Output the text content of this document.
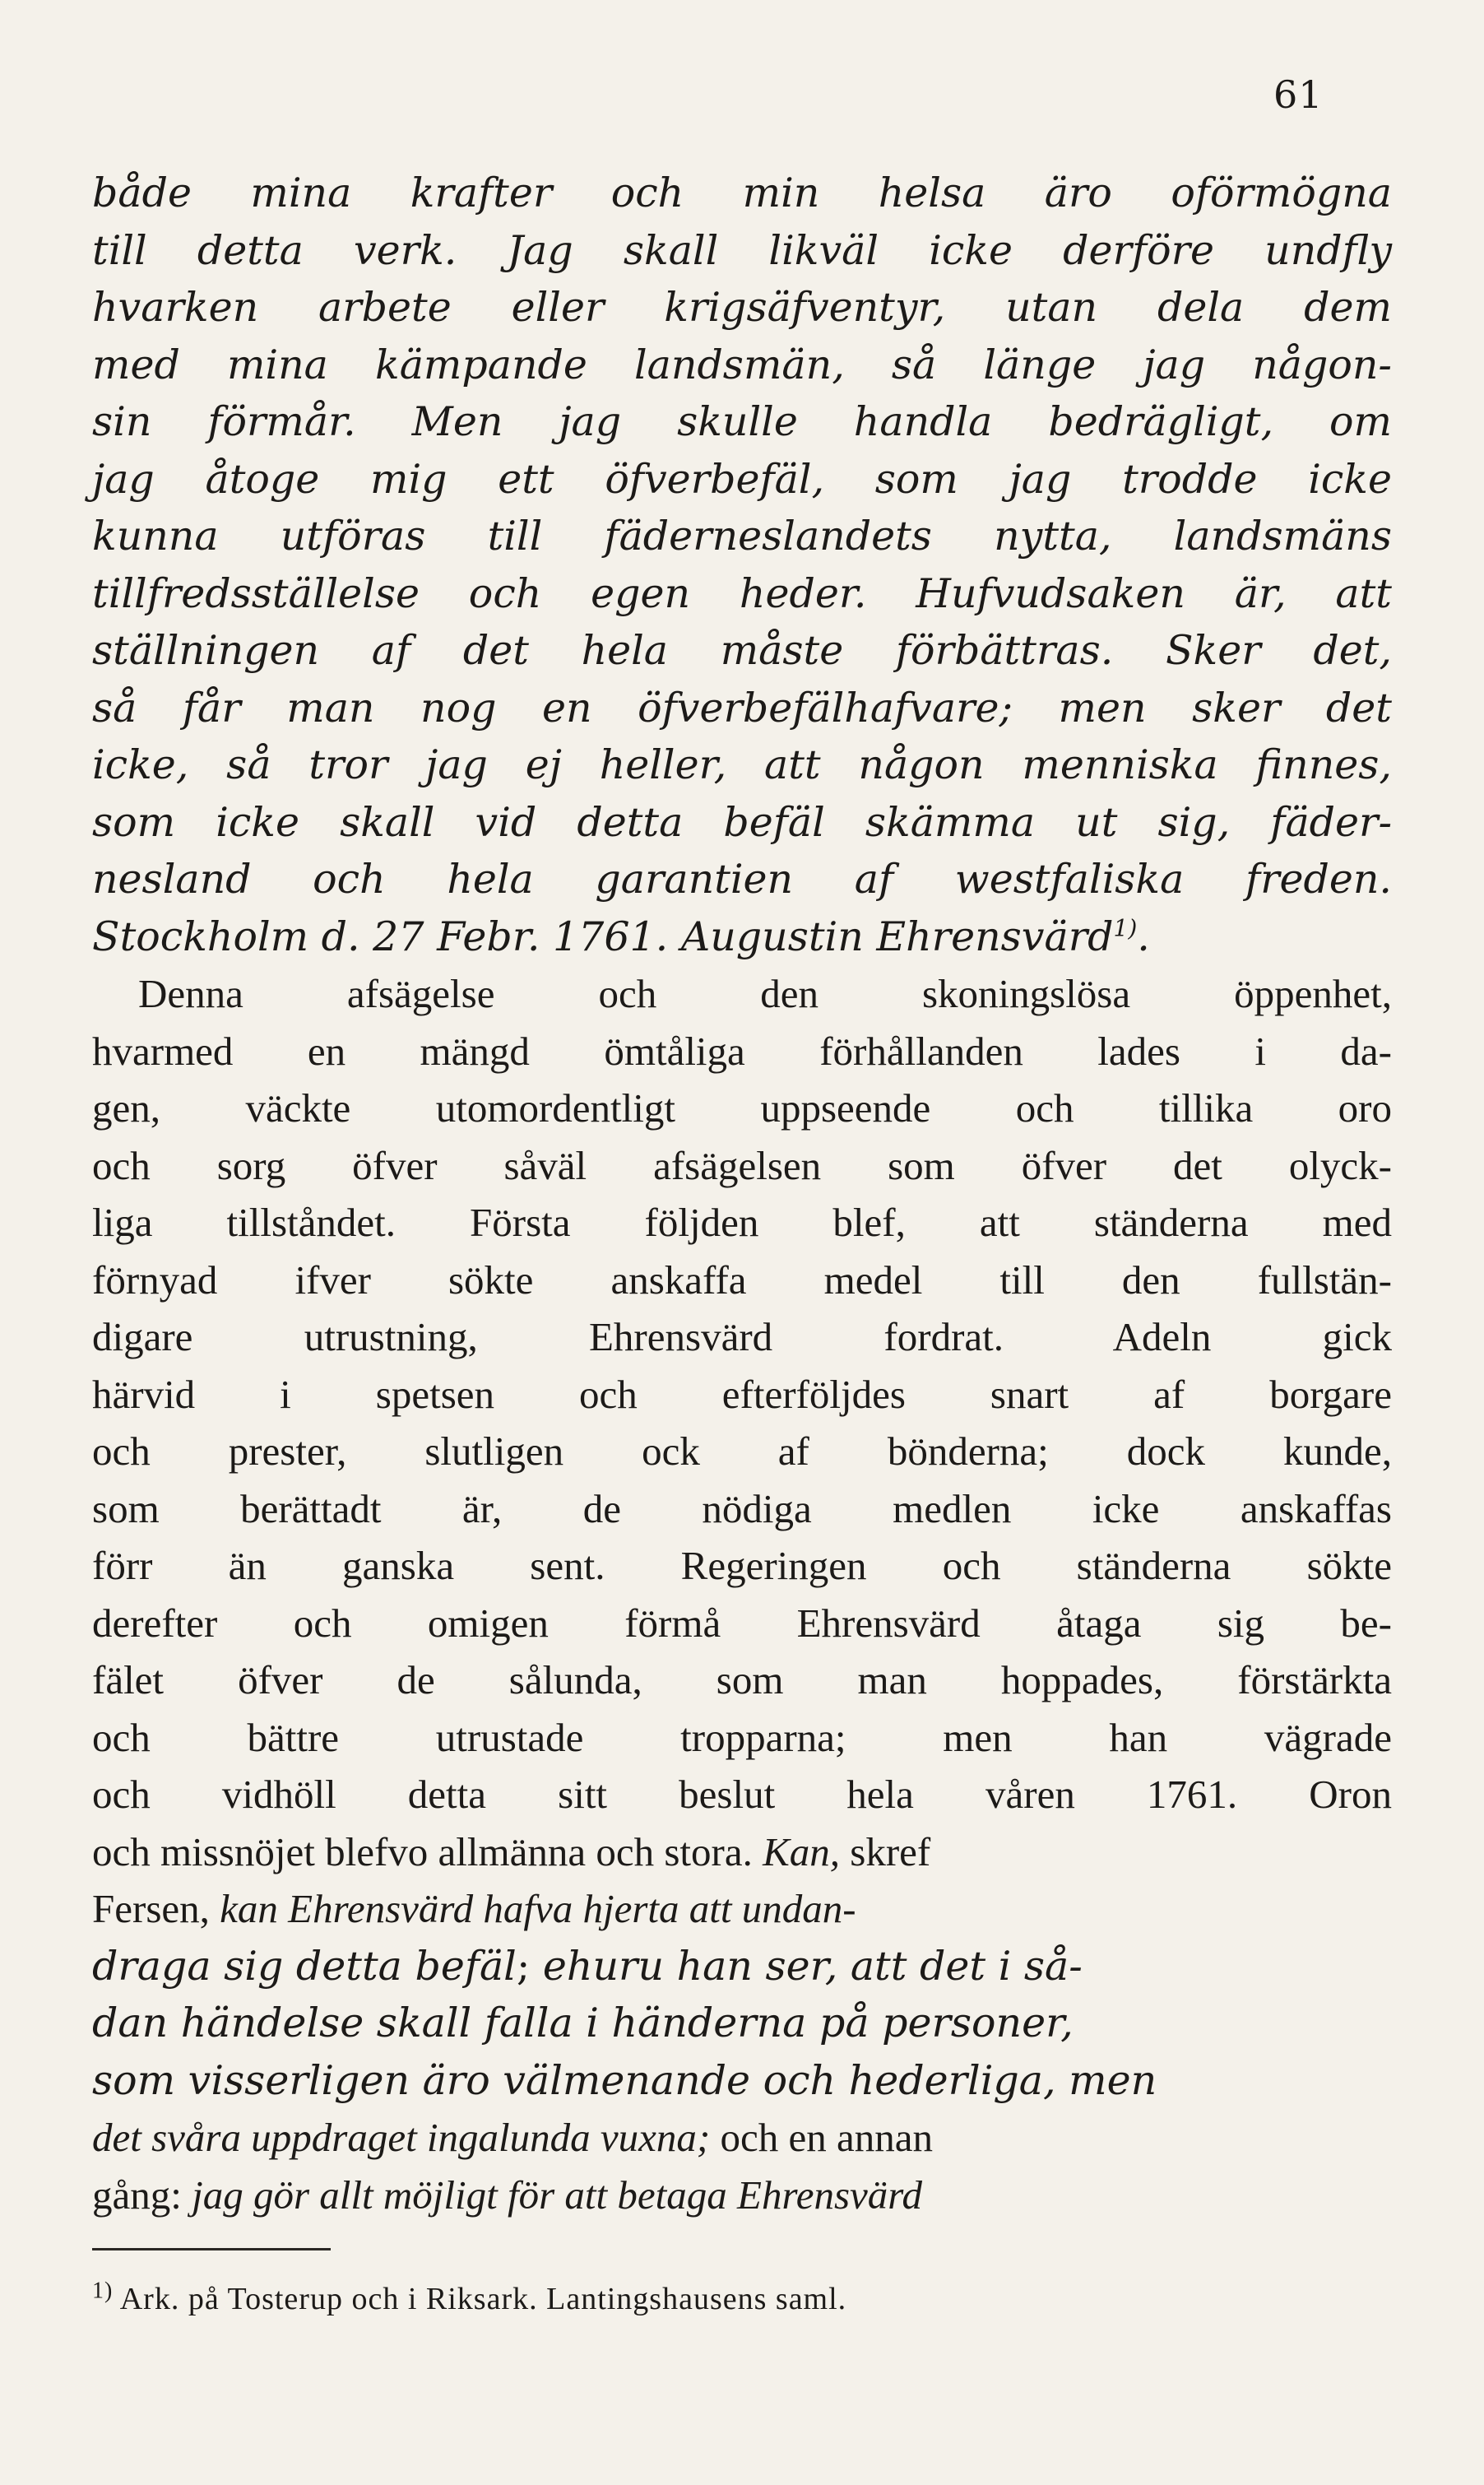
61
både mina krafter och min helsa äro oförmögna
till detta verk. Jag skall likväl icke derföre undfly
hvarken arbete eller krigsäfventyr, utan dela dem
med mina kämpande landsmän, så länge jag någon-
sin förmår. Men jag skulle handla bedrägligt, om
jag åtoge mig ett öfverbefäl, som jag trodde icke
kunna utföras till fäderneslandets nytta, landsmäns
tillfredsställelse och egen heder. Hufvudsaken är, att
ställningen af det hela måste förbättras. Sker det,
så får man nog en öfverbefälhafvare; men sker det
icke, så tror jag ej heller, att någon menniska finnes,
som icke skall vid detta befäl skämma ut sig, fäder-
nesland och hela garantien af westfaliska freden.
Stockholm d. 27 Febr. 1761. Augustin Ehrensvärd$^{1)}$.
Denna afsägelse och den skoningslösa öppenhet,
hvarmed en mängd ömtåliga förhållanden lades i da-
gen, väckte utomordentligt uppseende och tillika oro
och sorg öfver såväl afsägelsen som öfver det olyck-
liga tillståndet. Första följden blef, att ständerna med
förnyad ifver sökte anskaffa medel till den fullstän-
digare utrustning, Ehrensvärd fordrat. Adeln gick
härvid i spetsen och efterföljdes snart af borgare
och prester, slutligen ock af bönderna; dock kunde,
som berättadt är, de nödiga medlen icke anskaffas
förr än ganska sent. Regeringen och ständerna sökte
derefter och omigen förmå Ehrensvärd åtaga sig be-
fälet öfver de sålunda, som man hoppades, förstärkta
och bättre utrustade tropparna; men han vägrade
och vidhöll detta sitt beslut hela våren 1761. Oron
och missnöjet blefvo allmänna och stora. Kan, skref
Fersen, kan Ehrensvärd hafva hjerta att undan-
draga sig detta befäl; ehuru han ser, att det i så-
dan händelse skall falla i händerna på personer,
som visserligen äro välmenande och hederliga, men
det svåra uppdraget ingalunda vuxna; och en annan
gång: jag gör allt möjligt för att betaga Ehrensvärd
$^{1)}$ Ark. på Tosterup och i Riksark. Lantingshausens saml.
